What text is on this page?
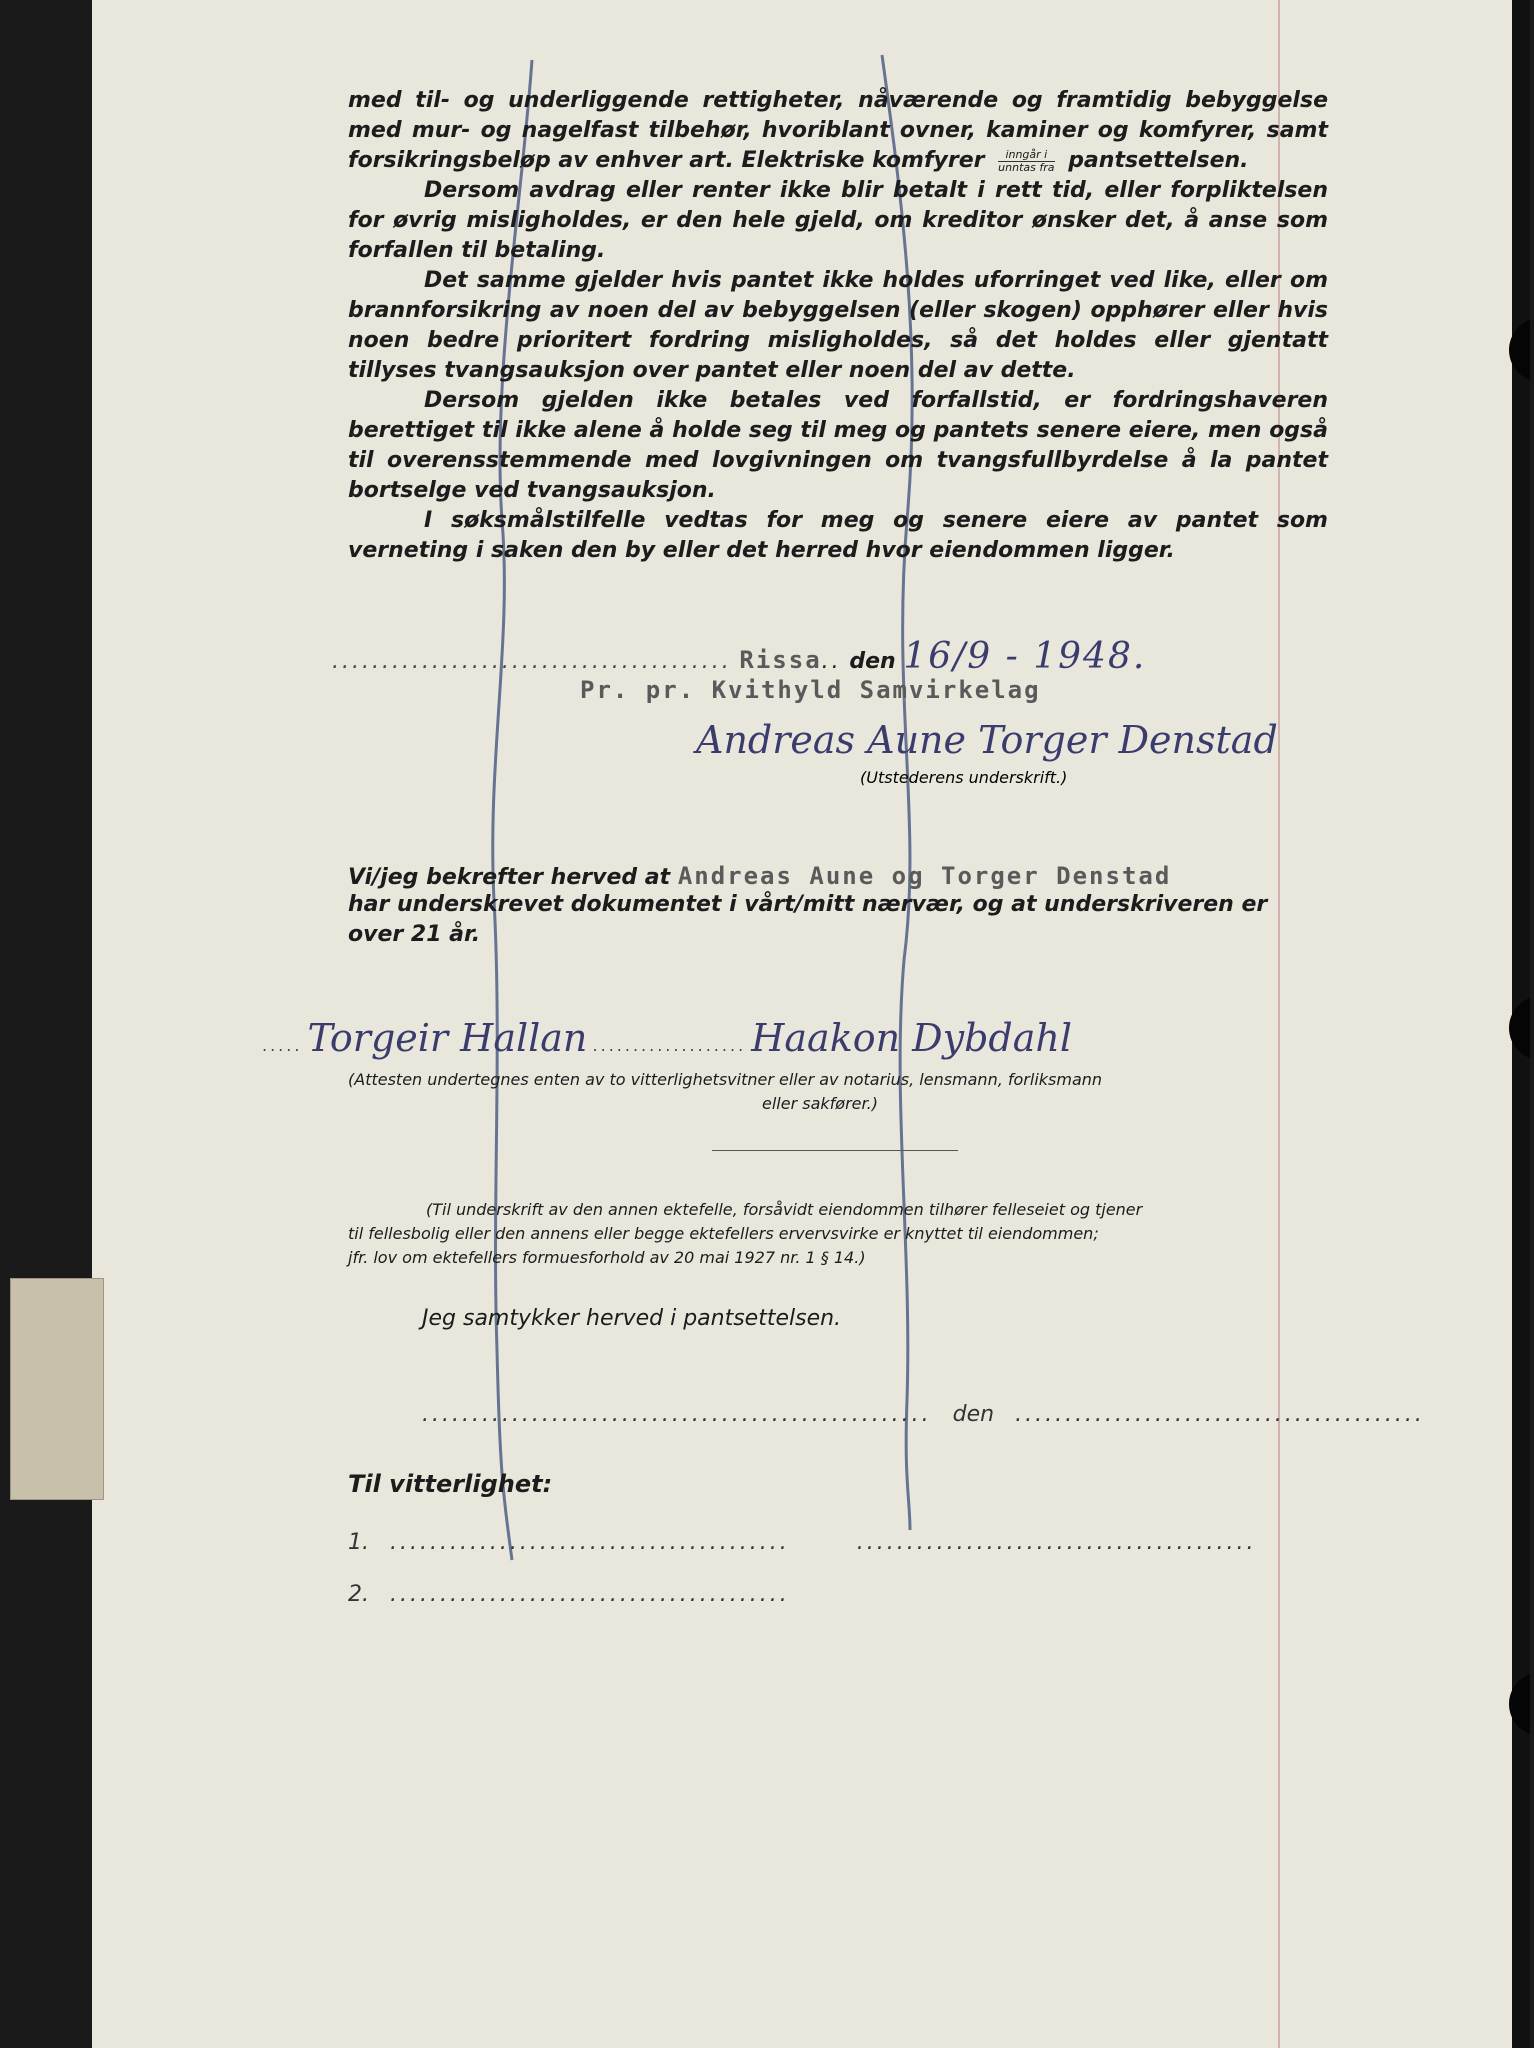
med til- og underliggende rettigheter, nåværende og framtidig bebyggelse med mur- og nagelfast tilbehør, hvoriblant ovner, kaminer og komfyrer, samt forsikringsbeløp av enhver art. Elektriske komfyrer $\frac{\text{inngår i}}{\text{unntas fra}}$ pantsettelsen.

Dersom avdrag eller renter ikke blir betalt i rett tid, eller forpliktelsen for øvrig misligholdes, er den hele gjeld, om kreditor ønsker det, å anse som forfallen til betaling.

Det samme gjelder hvis pantet ikke holdes uforringet ved like, eller om brannforsikring av noen del av bebyggelsen (eller skogen) opphører eller hvis noen bedre prioritert fordring misligholdes, så det holdes eller gjentatt tillyses tvangsauksjon over pantet eller noen del av dette.

Dersom gjelden ikke betales ved forfallstid, er fordringshaveren berettiget til ikke alene å holde seg til meg og pantets senere eiere, men også til overensstemmende med lovgivningen om tvangsfullbyrdelse å la pantet bortselge ved tvangsauksjon.

I søksmålstilfelle vedtas for meg og senere eiere av pantet som verneting i saken den by eller det herred hvor eiendommen ligger.

........................................ Rissa.. den 16/9 - 1948.
Pr. pr. Kvithyld Samvirkelag
Andreas Aune Torger Denstad
(Utstederens underskrift.)
Vi/jeg bekrefter herved at Andreas Aune og Torger Denstad
har underskrevet dokumentet i vårt/mitt nærvær, og at underskriveren er
over 21 år.
..... Torgeir Hallan ................... Haakon Dybdahl
(Attesten undertegnes enten av to vitterlighetsvitner eller av notarius, lensmann, forliksmann
eller sakfører.)
(Til underskrift av den annen ektefelle, forsåvidt eiendommen tilhører felleseiet og tjener
til fellesbolig eller den annens eller begge ektefellers ervervsvirke er knyttet til eiendommen;
jfr. lov om ektefellers formuesforhold av 20 mai 1927 nr. 1 § 14.)
Jeg samtykker herved i pantsettelsen.
................................................... den .........................................
Til vitterlighet:
1. ........................................	........................................
2. ........................................
